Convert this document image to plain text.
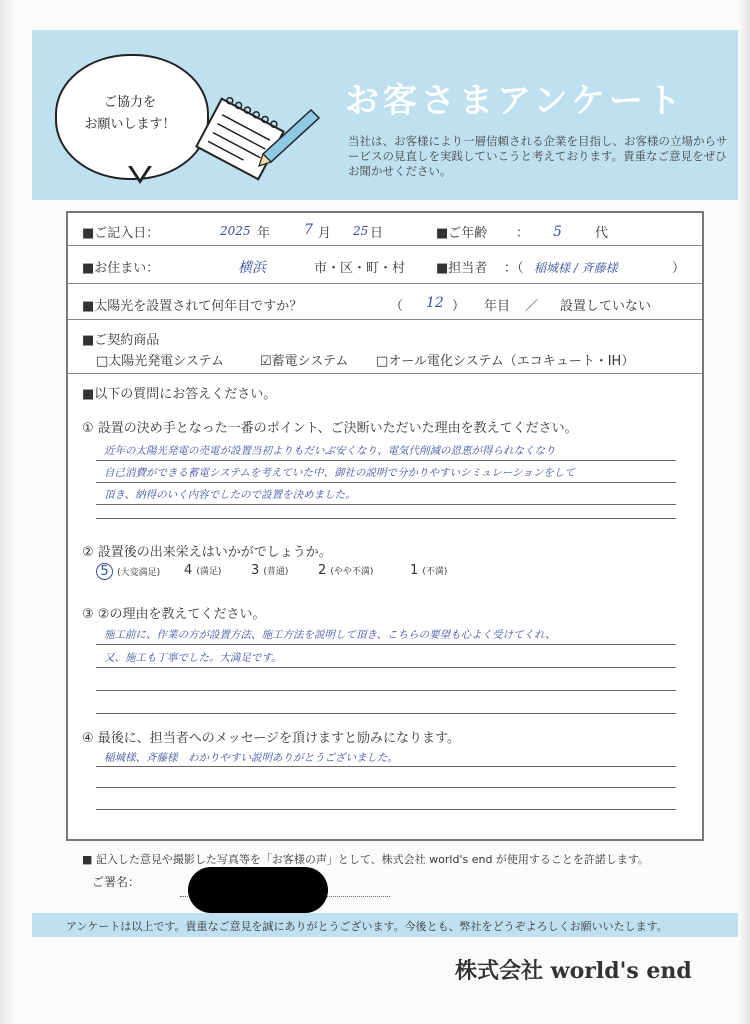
ご協力を
お願いします！
お客さまアンケート
当社は、お客様により一層信頼される企業を目指し、お客様の立場からサービスの見直しを実践していこうと考えております。貴重なご意見をぜひお聞かせください。
■ご記入日：	2025 年 7 月 25 日	■ご年齢 ： 5	代
■お住まい：	横浜	市・区・町・村 ■担当者 ：（ 稲城様 / 斉藤様	）
■太陽光を設置されて何年目ですか？	（ 12 ） 年目 ／ 設置していない
■ご契約商品
□太陽光発電システム	☑蓄電システム □オール電化システム（エコキュート・IH）
■以下の質問にお答えください。
① 設置の決め手となった一番のポイント、ご決断いただいた理由を教えてください。
近年の太陽光発電の売電が設置当初よりもだいぶ安くなり、電気代削減の恩恵が得られなくなり
自己消費ができる蓄電システムを考えていた中、御社の説明で分かりやすいシミュレーションをして
頂き、納得のいく内容でしたので設置を決めました。
② 設置後の出来栄えはいかがでしょうか。
5 (大変満足) 4 (満足) 3 (普通) 2 (やや不満)	1 (不満)
③ ②の理由を教えてください。
施工前に、作業の方が設置方法、施工方法を説明して頂き、こちらの要望も心よく受けてくれ、
又、施工も丁寧でした。大満足です。
④ 最後に、担当者へのメッセージを頂けますと励みになります。
稲城様、斉藤様　わかりやすい説明ありがとうございました。
■ 記入した意見や撮影した写真等を「お客様の声」として、株式会社 world's end が使用することを許諾します。
ご署名：
アンケートは以上です。貴重なご意見を誠にありがとうございます。今後とも、弊社をどうぞよろしくお願いいたします。
株式会社 world's end
